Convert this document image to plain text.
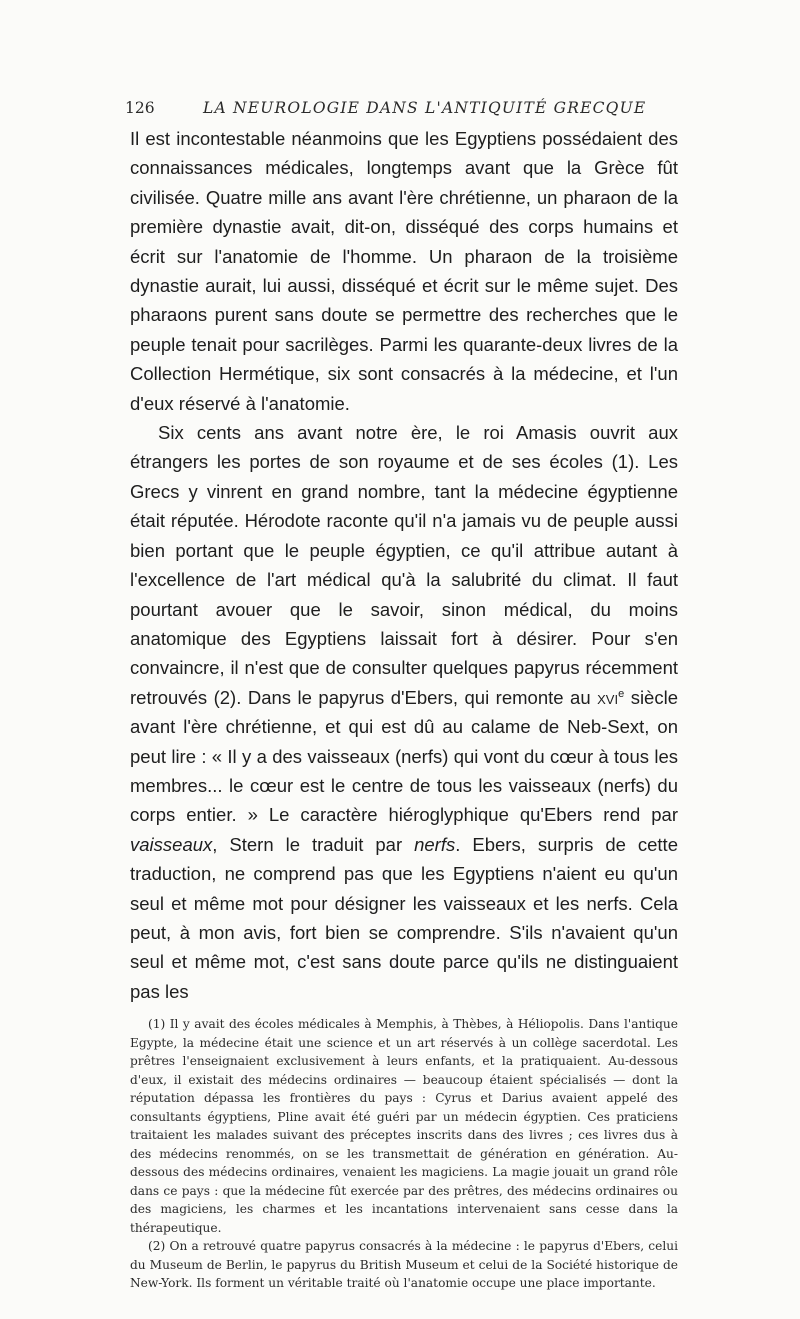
126	LA NEUROLOGIE DANS L'ANTIQUITÉ GRECQUE

Il est incontestable néanmoins que les Egyptiens possédaient des connaissances médicales, longtemps avant que la Grèce fût civilisée. Quatre mille ans avant l'ère chrétienne, un pharaon de la première dynastie avait, dit-on, disséqué des corps humains et écrit sur l'anatomie de l'homme. Un pharaon de la troisième dynastie aurait, lui aussi, disséqué et écrit sur le même sujet. Des pharaons purent sans doute se permettre des recherches que le peuple tenait pour sacrilèges. Parmi les quarante-deux livres de la Collection Hermétique, six sont consacrés à la médecine, et l'un d'eux réservé à l'anatomie.

Six cents ans avant notre ère, le roi Amasis ouvrit aux étrangers les portes de son royaume et de ses écoles (1). Les Grecs y vinrent en grand nombre, tant la médecine égyptienne était réputée. Hérodote raconte qu'il n'a jamais vu de peuple aussi bien portant que le peuple égyptien, ce qu'il attribue autant à l'excellence de l'art médical qu'à la salubrité du climat. Il faut pourtant avouer que le savoir, sinon médical, du moins anatomique des Egyptiens laissait fort à désirer. Pour s'en convaincre, il n'est que de consulter quelques papyrus récemment retrouvés (2). Dans le papyrus d'Ebers, qui remonte au xvi$^e$ siècle avant l'ère chrétienne, et qui est dû au calame de Neb-Sext, on peut lire : « Il y a des vaisseaux (nerfs) qui vont du cœur à tous les membres... le cœur est le centre de tous les vaisseaux (nerfs) du corps entier. » Le caractère hiéroglyphique qu'Ebers rend par vaisseaux, Stern le traduit par nerfs. Ebers, surpris de cette traduction, ne comprend pas que les Egyptiens n'aient eu qu'un seul et même mot pour désigner les vaisseaux et les nerfs. Cela peut, à mon avis, fort bien se comprendre. S'ils n'avaient qu'un seul et même mot, c'est sans doute parce qu'ils ne distinguaient pas les

(1) Il y avait des écoles médicales à Memphis, à Thèbes, à Héliopolis. Dans l'antique Egypte, la médecine était une science et un art réservés à un collège sacerdotal. Les prêtres l'enseignaient exclusivement à leurs enfants, et la pratiquaient. Au-dessous d'eux, il existait des médecins ordinaires — beaucoup étaient spécialisés — dont la réputation dépassa les frontières du pays : Cyrus et Darius avaient appelé des consultants égyptiens, Pline avait été guéri par un médecin égyptien. Ces praticiens traitaient les malades suivant des préceptes inscrits dans des livres ; ces livres dus à des médecins renommés, on se les transmettait de génération en génération. Au-dessous des médecins ordinaires, venaient les magiciens. La magie jouait un grand rôle dans ce pays : que la médecine fût exercée par des prêtres, des médecins ordinaires ou des magiciens, les charmes et les incantations intervenaient sans cesse dans la thérapeutique.

(2) On a retrouvé quatre papyrus consacrés à la médecine : le papyrus d'Ebers, celui du Museum de Berlin, le papyrus du British Museum et celui de la Société historique de New-York. Ils forment un véritable traité où l'anatomie occupe une place importante.
